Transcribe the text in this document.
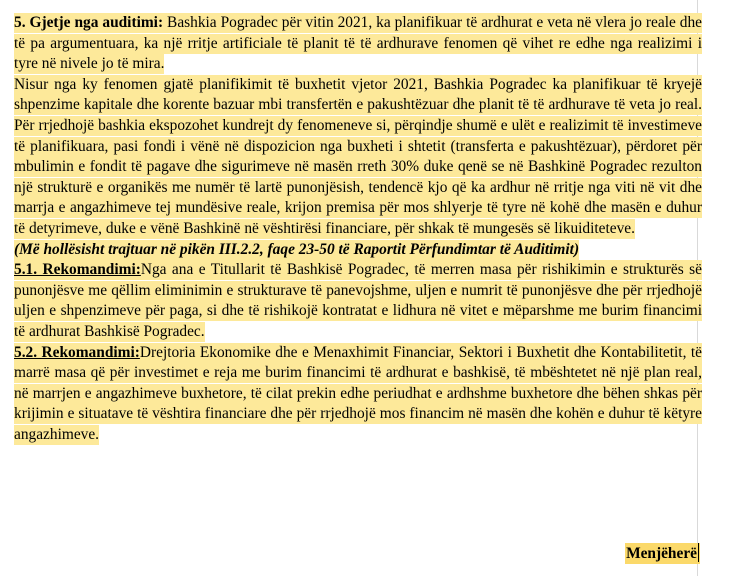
5. Gjetje nga auditimi: Bashkia Pogradec për vitin 2021, ka planifikuar të ardhurat e veta në vlera jo reale dhe të pa argumentuara, ka një rritje artificiale të planit të të ardhurave fenomen që vihet re edhe nga realizimi i tyre në nivele jo të mira.

Nisur nga ky fenomen gjatë planifikimit të buxhetit vjetor 2021, Bashkia Pogradec ka planifikuar të kryejë shpenzime kapitale dhe korente bazuar mbi transfertën e pakushtëzuar dhe planit të të ardhurave të veta jo real. Për rrjedhojë bashkia ekspozohet kundrejt dy fenomeneve si, përqindje shumë e ulët e realizimit të investimeve të planifikuara, pasi fondi i vënë në dispozicion nga buxheti i shtetit (transferta e pakushtëzuar), përdoret për mbulimin e fondit të pagave dhe sigurimeve në masën rreth 30% duke qenë se në Bashkinë Pogradec rezulton një strukturë e organikës me numër të lartë punonjësish, tendencë kjo që ka ardhur në rritje nga viti në vit dhe marrja e angazhimeve tej mundësive reale, krijon premisa për mos shlyerje të tyre në kohë dhe masën e duhur të detyrimeve, duke e vënë Bashkinë në vështirësi financiare, për shkak të mungesës së likuiditeteve.

(Më hollësisht trajtuar në pikën III.2.2, faqe 23-50 të Raportit Përfundimtar të Auditimit)

5.1. Rekomandimi:Nga ana e Titullarit të Bashkisë Pogradec, të merren masa për rishikimin e strukturës së punonjësve me qëllim eliminimin e strukturave të panevojshme, uljen e numrit të punonjësve dhe për rrjedhojë uljen e shpenzimeve për paga, si dhe të rishikojë kontratat e lidhura në vitet e mëparshme me burim financimi të ardhurat Bashkisë Pogradec.

5.2. Rekomandimi:Drejtoria Ekonomike dhe e Menaxhimit Financiar, Sektori i Buxhetit dhe Kontabilitetit, të marrë masa që për investimet e reja me burim financimi të ardhurat e bashkisë, të mbështetet në një plan real, në marrjen e angazhimeve buxhetore, të cilat prekin edhe periudhat e ardhshme buxhetore dhe bëhen shkas për krijimin e situatave të vështira financiare dhe për rrjedhojë mos financim në masën dhe kohën e duhur të këtyre angazhimeve.

Menjëherë
